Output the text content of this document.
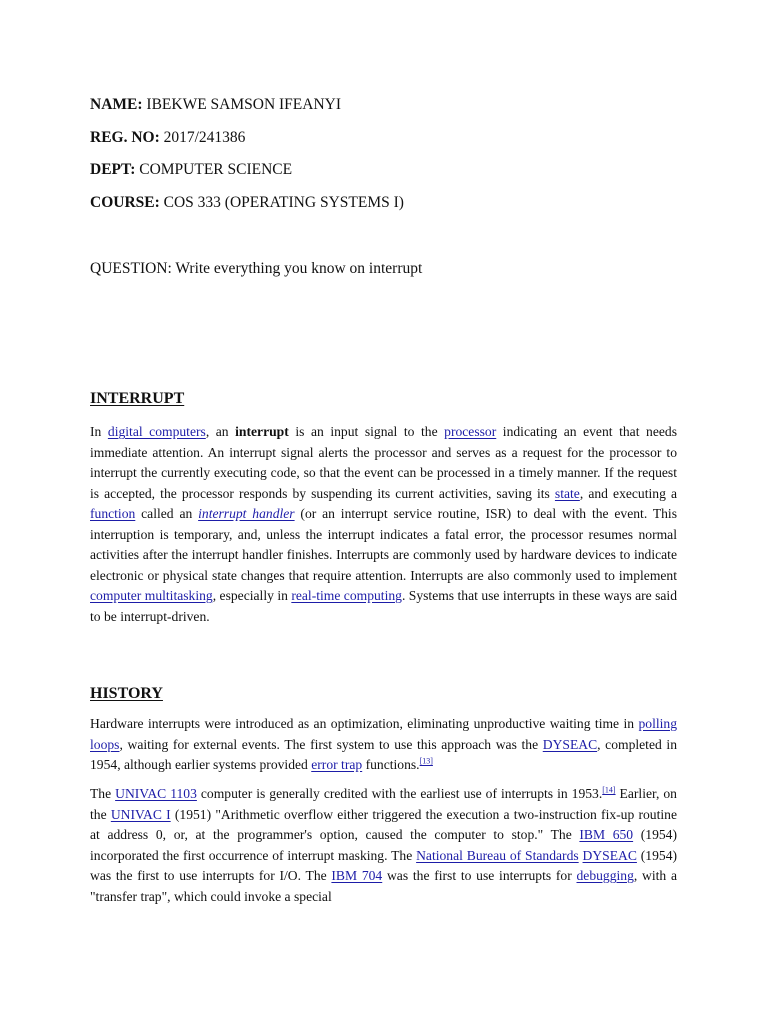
NAME: IBEKWE SAMSON IFEANYI
REG. NO: 2017/241386
DEPT: COMPUTER SCIENCE
COURSE: COS 333 (OPERATING SYSTEMS I)
QUESTION: Write everything you know on interrupt
INTERRUPT
In digital computers, an interrupt is an input signal to the processor indicating an event that needs immediate attention. An interrupt signal alerts the processor and serves as a request for the processor to interrupt the currently executing code, so that the event can be processed in a timely manner. If the request is accepted, the processor responds by suspending its current activities, saving its state, and executing a function called an interrupt handler (or an interrupt service routine, ISR) to deal with the event. This interruption is temporary, and, unless the interrupt indicates a fatal error, the processor resumes normal activities after the interrupt handler finishes. Interrupts are commonly used by hardware devices to indicate electronic or physical state changes that require attention. Interrupts are also commonly used to implement computer multitasking, especially in real-time computing. Systems that use interrupts in these ways are said to be interrupt-driven.
HISTORY
Hardware interrupts were introduced as an optimization, eliminating unproductive waiting time in polling loops, waiting for external events. The first system to use this approach was the DYSEAC, completed in 1954, although earlier systems provided error trap functions.[13]
The UNIVAC 1103 computer is generally credited with the earliest use of interrupts in 1953.[14] Earlier, on the UNIVAC I (1951) "Arithmetic overflow either triggered the execution a two-instruction fix-up routine at address 0, or, at the programmer's option, caused the computer to stop." The IBM 650 (1954) incorporated the first occurrence of interrupt masking. The National Bureau of Standards DYSEAC (1954) was the first to use interrupts for I/O. The IBM 704 was the first to use interrupts for debugging, with a "transfer trap", which could invoke a special
